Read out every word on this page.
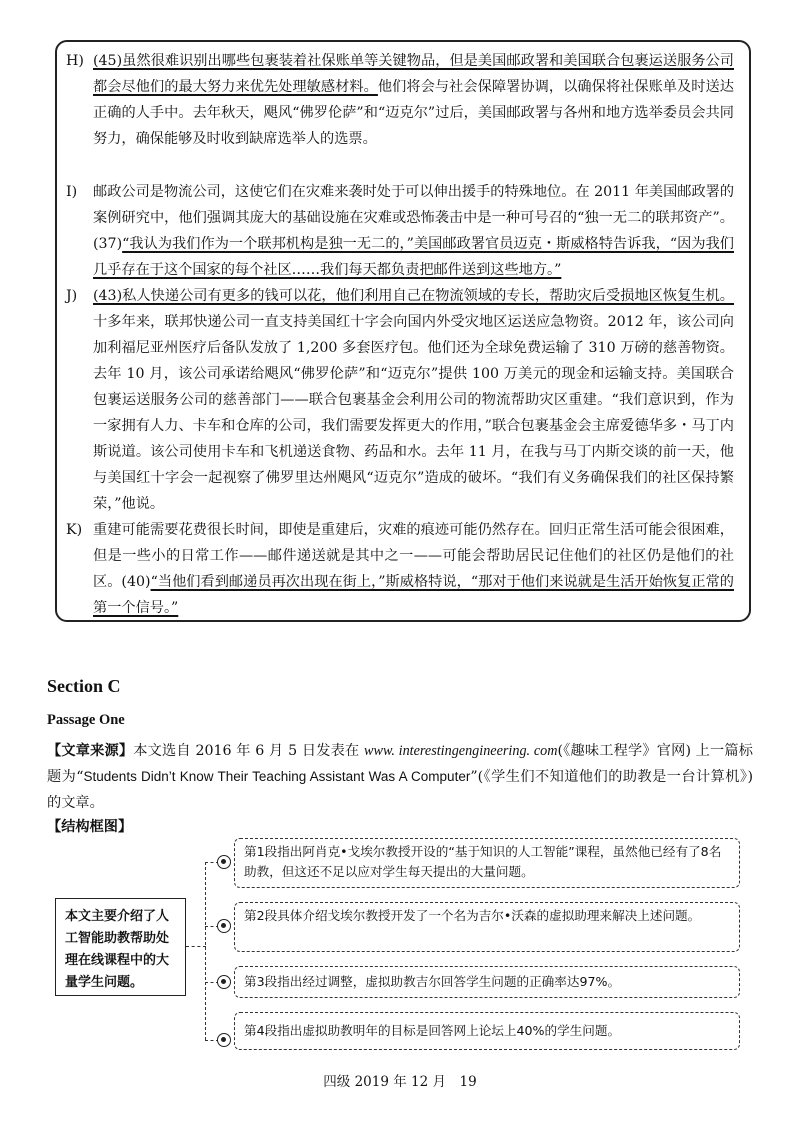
H) (45)虽然很难识别出哪些包裹装着社保账单等关键物品，但是美国邮政署和美国联合包裹运送服务公司都会尽他们的最大努力来优先处理敏感材料。他们将会与社会保障署协调，以确保将社保账单及时送达正确的人手中。去年秋天，飓风“佛罗伦萨”和“迈克尔”过后，美国邮政署与各州和地方选举委员会共同努力，确保能够及时收到缺席选举人的选票。
I) 邮政公司是物流公司，这使它们在灾难来袭时处于可以伸出援手的特殊地位。在 2011 年美国邮政署的案例研究中，他们强调其庞大的基础设施在灾难或恐怖袭击中是一种可号召的“独一无二的联邦资产”。(37)“我认为我们作为一个联邦机构是独一无二的，”美国邮政署官员迈克・斯威格特告诉我，“因为我们几乎存在于这个国家的每个社区……我们每天都负责把邮件送到这些地方。”
J) (43)私人快递公司有更多的钱可以花，他们利用自己在物流领域的专长，帮助灾后受损地区恢复生机。十多年来，联邦快递公司一直支持美国红十字会向国内外受灾地区运送应急物资。2012 年，该公司向加利福尼亚州医疗后备队发放了 1,200 多套医疗包。他们还为全球免费运输了 310 万磅的慈善物资。去年 10 月，该公司承诺给飓风“佛罗伦萨”和“迈克尔”提供 100 万美元的现金和运输支持。美国联合包裹运送服务公司的慈善部门——联合包裹基金会利用公司的物流帮助灾区重建。“我们意识到，作为一家拥有人力、卡车和仓库的公司，我们需要发挥更大的作用，”联合包裹基金会主席爱德华多・马丁内斯说道。该公司使用卡车和飞机递送食物、药品和水。去年 11 月，在我与马丁内斯交谈的前一天，他与美国红十字会一起视察了佛罗里达州飓风“迈克尔”造成的破坏。“我们有义务确保我们的社区保持繁荣，”他说。
K) 重建可能需要花费很长时间，即使是重建后，灾难的痕迹可能仍然存在。回归正常生活可能会很困难，但是一些小的日常工作——邮件递送就是其中之一——可能会帮助居民记住他们的社区仍是他们的社区。(40)“当他们看到邮递员再次出现在街上，”斯威格特说，“那对于他们来说就是生活开始恢复正常的第一个信号。”
Section C
Passage One
【文章来源】本文选自 2016 年 6 月 5 日发表在 www. interestingengineering. com(《趣味工程学》官网) 上一篇标题为“Students Didn’t Know Their Teaching Assistant Was A Computer”(《学生们不知道他们的助教是一台计算机》) 的文章。
【结构框图】
本文主要介绍了人工智能助教帮助处理在线课程中的大量学生问题。
第1段指出阿肖克•戈埃尔教授开设的“基于知识的人工智能”课程，虽然他已经有了8名助教，但这还不足以应对学生每天提出的大量问题。
第2段具体介绍戈埃尔教授开发了一个名为吉尔•沃森的虚拟助理来解决上述问题。
第3段指出经过调整，虚拟助教吉尔回答学生问题的正确率达97%。
第4段指出虚拟助教明年的目标是回答网上论坛上40%的学生问题。
四级 2019 年 12 月　19
